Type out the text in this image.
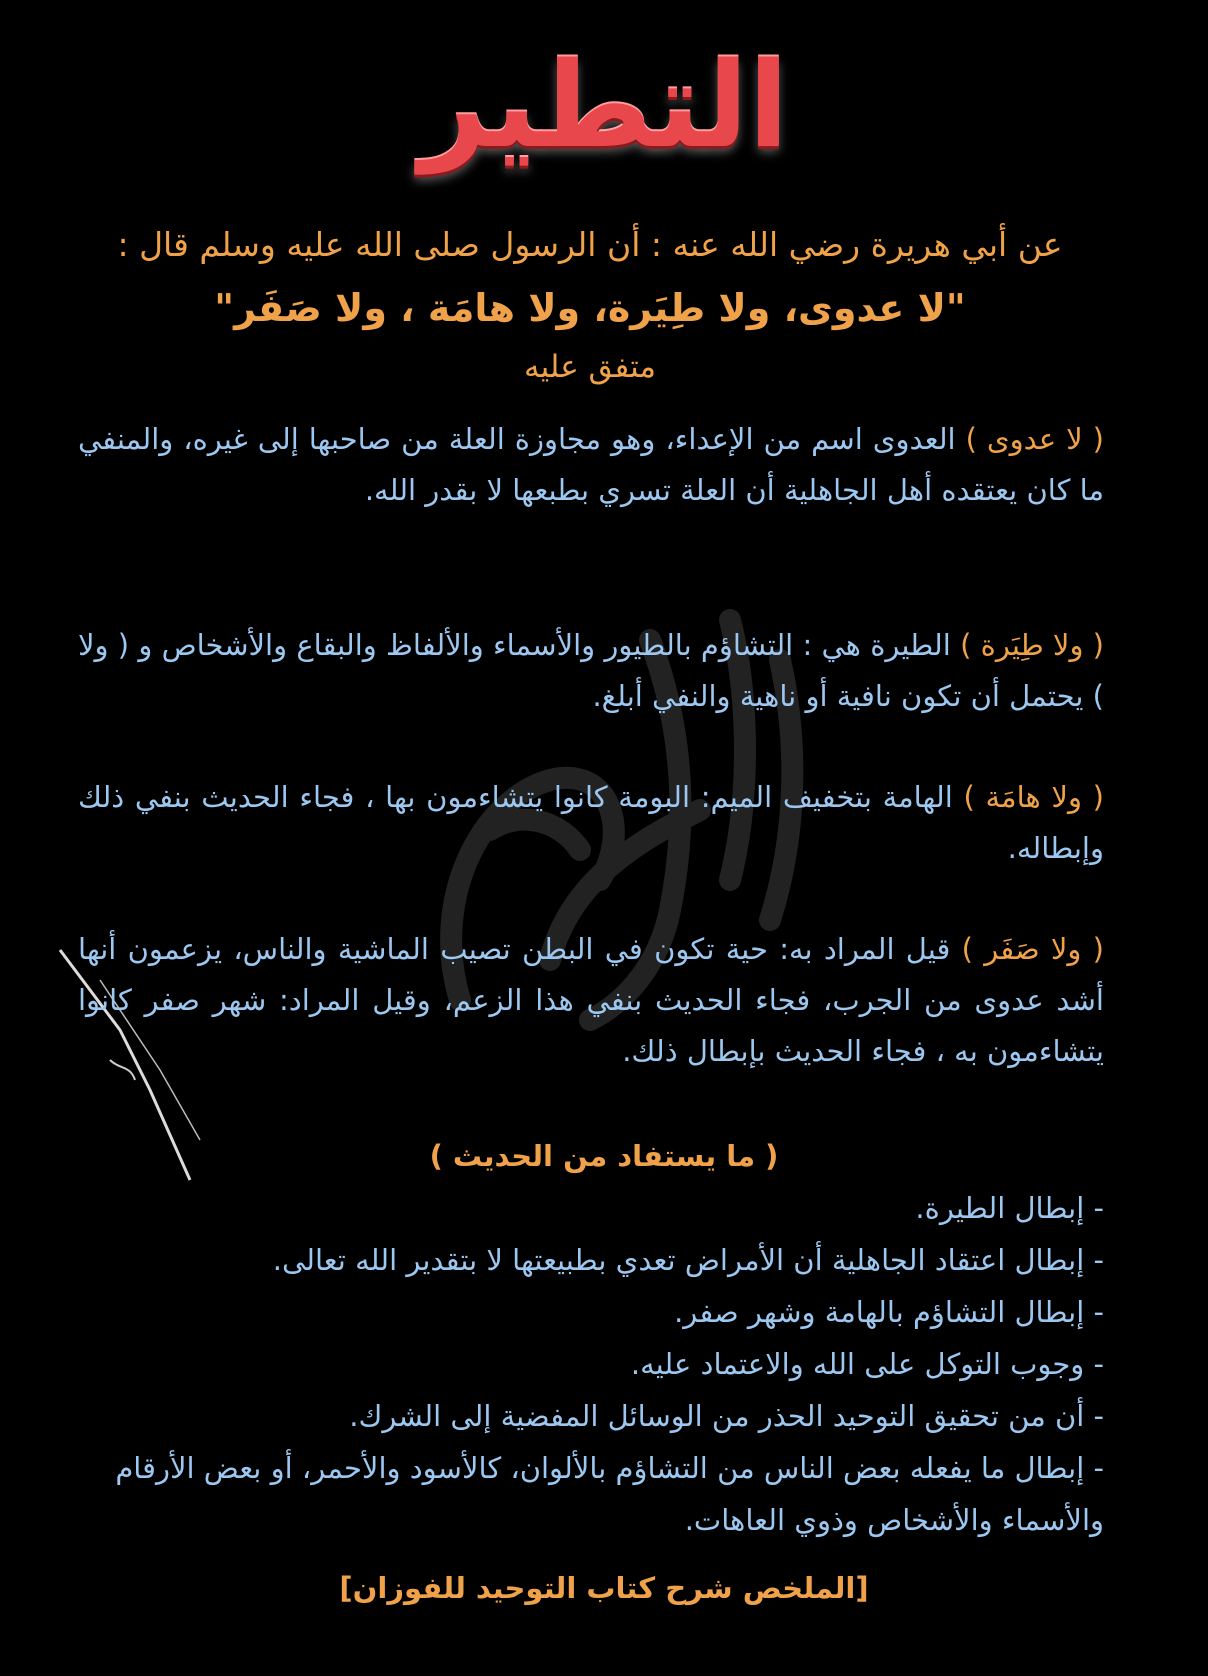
التطير
عن أبي هريرة رضي الله عنه : أن الرسول صلى الله عليه وسلم قال :
"لا عدوى، ولا طِيَرة، ولا هامَة ، ولا صَفَر"
متفق عليه
( لا عدوى ) العدوى اسم من الإعداء، وهو مجاوزة العلة من صاحبها إلى غيره، والمنفي ما كان يعتقده أهل الجاهلية أن العلة تسري بطبعها لا بقدر الله.
( ولا طِيَرة ) الطيرة هي : التشاؤم بالطيور والأسماء والألفاظ والبقاع والأشخاص و ( ولا ) يحتمل أن تكون نافية أو ناهية والنفي أبلغ.
( ولا هامَة ) الهامة بتخفيف الميم: البومة كانوا يتشاءمون بها ، فجاء الحديث بنفي ذلك وإبطاله.
( ولا صَفَر ) قيل المراد به: حية تكون في البطن تصيب الماشية والناس، يزعمون أنها أشد عدوى من الجرب، فجاء الحديث بنفي هذا الزعم، وقيل المراد: شهر صفر كانوا يتشاءمون به ، فجاء الحديث بإبطال ذلك.
( ما يستفاد من الحديث )
- إبطال الطيرة.
- إبطال اعتقاد الجاهلية أن الأمراض تعدي بطبيعتها لا بتقدير الله تعالى.
- إبطال التشاؤم بالهامة وشهر صفر.
- وجوب التوكل على الله والاعتماد عليه.
- أن من تحقيق التوحيد الحذر من الوسائل المفضية إلى الشرك.
- إبطال ما يفعله بعض الناس من التشاؤم بالألوان، كالأسود والأحمر، أو بعض الأرقام والأسماء والأشخاص وذوي العاهات.
[الملخص شرح كتاب التوحيد للفوزان]
